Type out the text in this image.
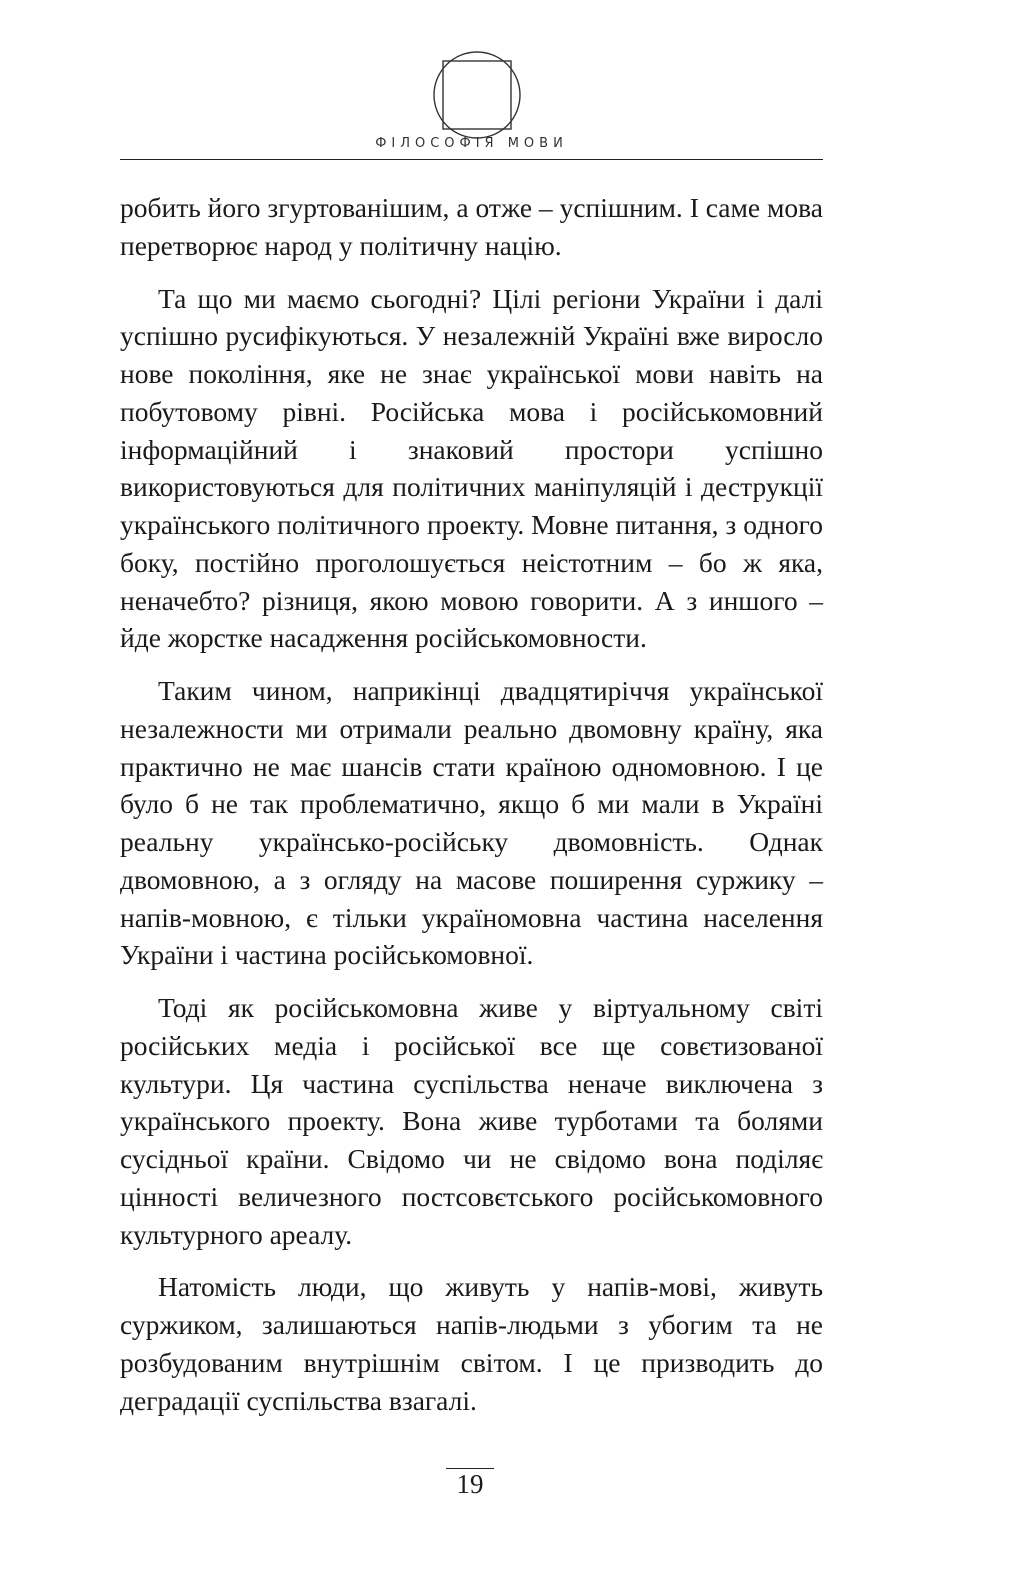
ФІЛОСОФІЯ МОВИ

робить його згуртованішим, а отже – успішним. І саме мова перетворює народ у політичну націю.

Та що ми маємо сьогодні? Цілі регіони України і далі успішно русифікуються. У незалежній Україні вже виросло нове покоління, яке не знає української мови навіть на побутовому рівні. Російська мова і російськомовний інформаційний і знаковий простори успішно використовуються для політичних маніпуляцій і деструкції українського політичного проекту. Мовне питання, з одного боку, постійно проголошується неістотним – бо ж яка, неначебто? різниця, якою мовою говорити. А з иншого – йде жорстке насадження російськомовности.

Таким чином, наприкінці двадцятиріччя української незалежности ми отримали реально двомовну країну, яка практично не має шансів стати країною одномовною. І це було б не так проблематично, якщо б ми мали в Україні реальну українсько-російську двомовність. Однак двомовною, а з огляду на масове поширення суржику – напів-мовною, є тільки україномовна частина населення України і частина російськомовної.

Тоді як російськомовна живе у віртуальному світі російських медіа і російської все ще совєтизованої культури. Ця частина суспільства неначе виключена з українського проекту. Вона живе турботами та болями сусідньої країни. Свідомо чи не свідомо вона поділяє цінності величезного постсовєтського російськомовного культурного ареалу.

Натомість люди, що живуть у напів-мові, живуть суржиком, залишаються напів-людьми з убогим та не розбудованим внутрішнім світом. І це призводить до деградації суспільства взагалі.

19
